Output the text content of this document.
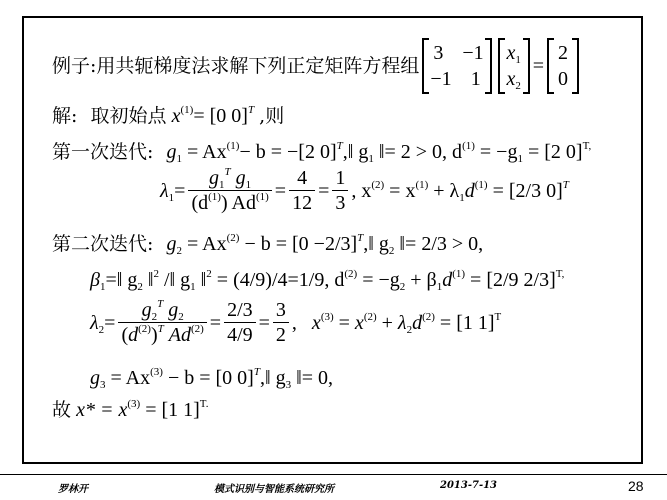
例子:用共轭梯度法求解下列正定矩阵方程组
3 −1
−1 1
$x_1$
$x_2$
=
2
0
解: 取初始点 $x^{(1)}= [0$ 0]$^T$ ,则
第一次迭代: $g_1 = Ax^{(1)}- b = -[2$ 0]$^T$,‖ $g_1$ ‖= 2 > 0, $d^{(1)} = -g_1 = [2$ 0]$^{T,}$
$\lambda_1= \frac{g_1^T g_1}{(d^{(1)}) Ad^{(1)}} = \frac{4}{12} = \frac{1}{3}$ , $x^{(2)} = x^{(1)} + \lambda_1d^{(1)} = [2/3$ 0]$^T$
第二次迭代: $g_2 = Ax^{(2)} - b = [0$ $-2/3]^T,‖$ $g_2$ ‖= 2/3 > 0,
$\beta_1=‖$ $g_2$ ‖$^2$ /‖ $g_1$ ‖$^2$ = (4/9)/4=1/9, $d^{(2)} = -g_2 + \beta_1d^{(1)} = [2/9$ 2/3]$^{T,}$
$\lambda_2= \frac{g_2^T g_2}{(d^{(2)})^T Ad^{(2)}} = \frac{2/3}{4/9} = \frac{3}{2}$ ,   $x^{(3)} = x^{(2)} + \lambda_2d^{(2)} = [1$ 1]$^T$
$g_3 = Ax^{(3)} - b = [0$ 0]$^T$,‖ $g_3$ ‖= 0,
故 $x* = x^{(3)} = [1$ 1]$^{T.}$
罗林开	模式识别与智能系统研究所	2013-7-13	28
